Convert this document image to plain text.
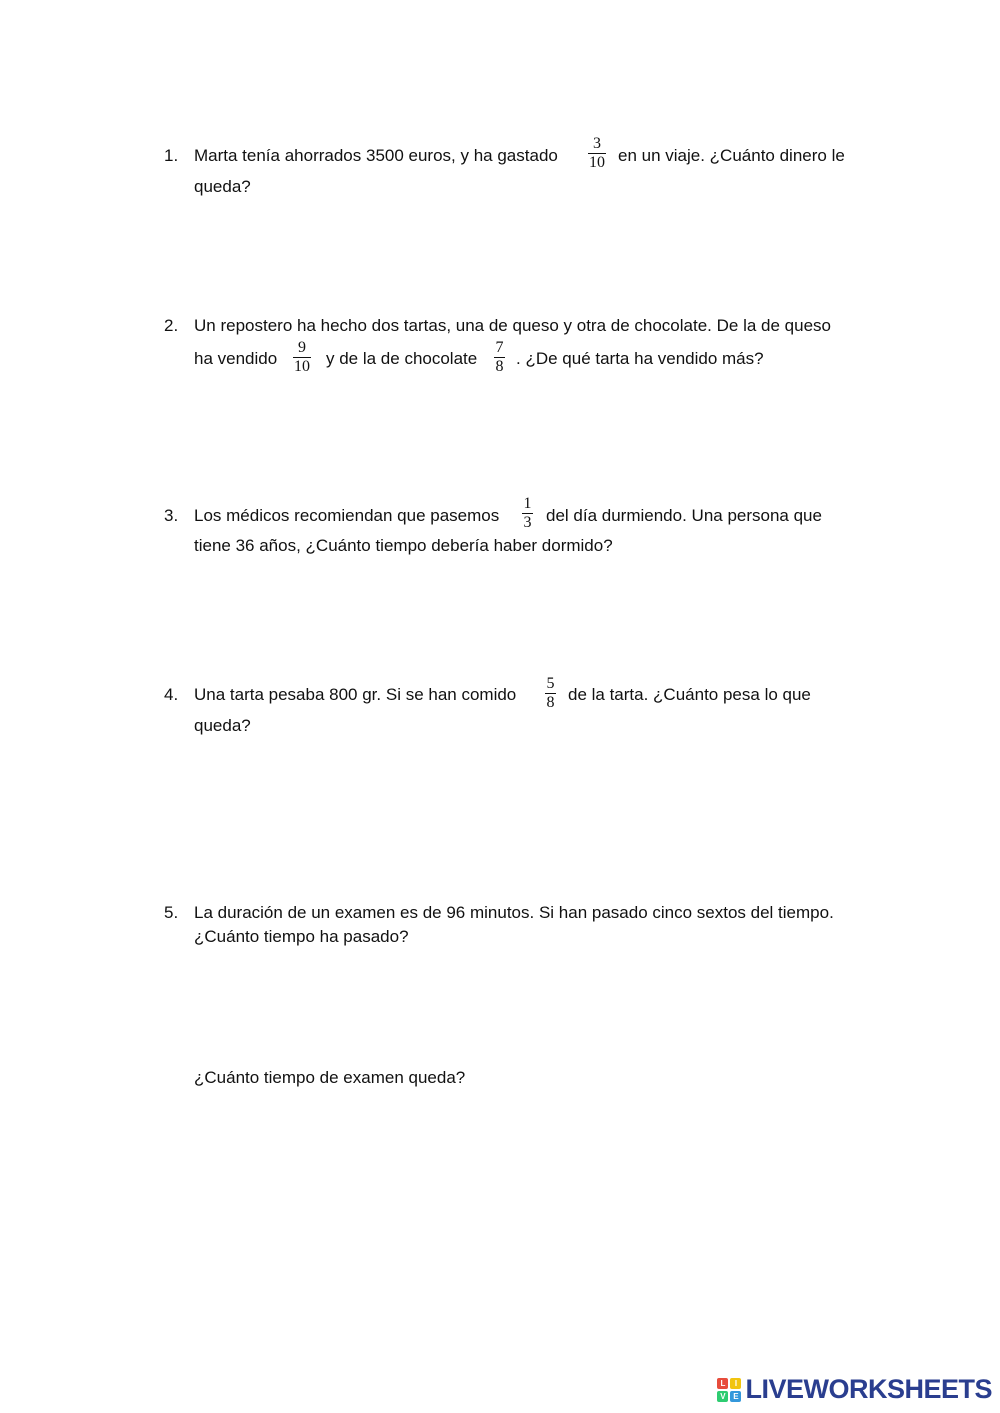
1. Marta tenía ahorrados 3500 euros, y ha gastado
3
10 en un viaje. ¿Cuánto dinero le
queda?
2. Un repostero ha hecho dos tartas, una de queso y otra de chocolate. De la de queso
ha vendido
9
10 y de la de chocolate
7
8 . ¿De qué tarta ha vendido más?
3. Los médicos recomiendan que pasemos
1
3 del día durmiendo. Una persona que
tiene 36 años, ¿Cuánto tiempo debería haber dormido?
4. Una tarta pesaba 800 gr. Si se han comido
5
8 de la tarta. ¿Cuánto pesa lo que
queda?
5. La duración de un examen es de 96 minutos. Si han pasado cinco sextos del tiempo.
¿Cuánto tiempo ha pasado?
¿Cuánto tiempo de examen queda?
L	I
V E LIVEWORKSHEETS
